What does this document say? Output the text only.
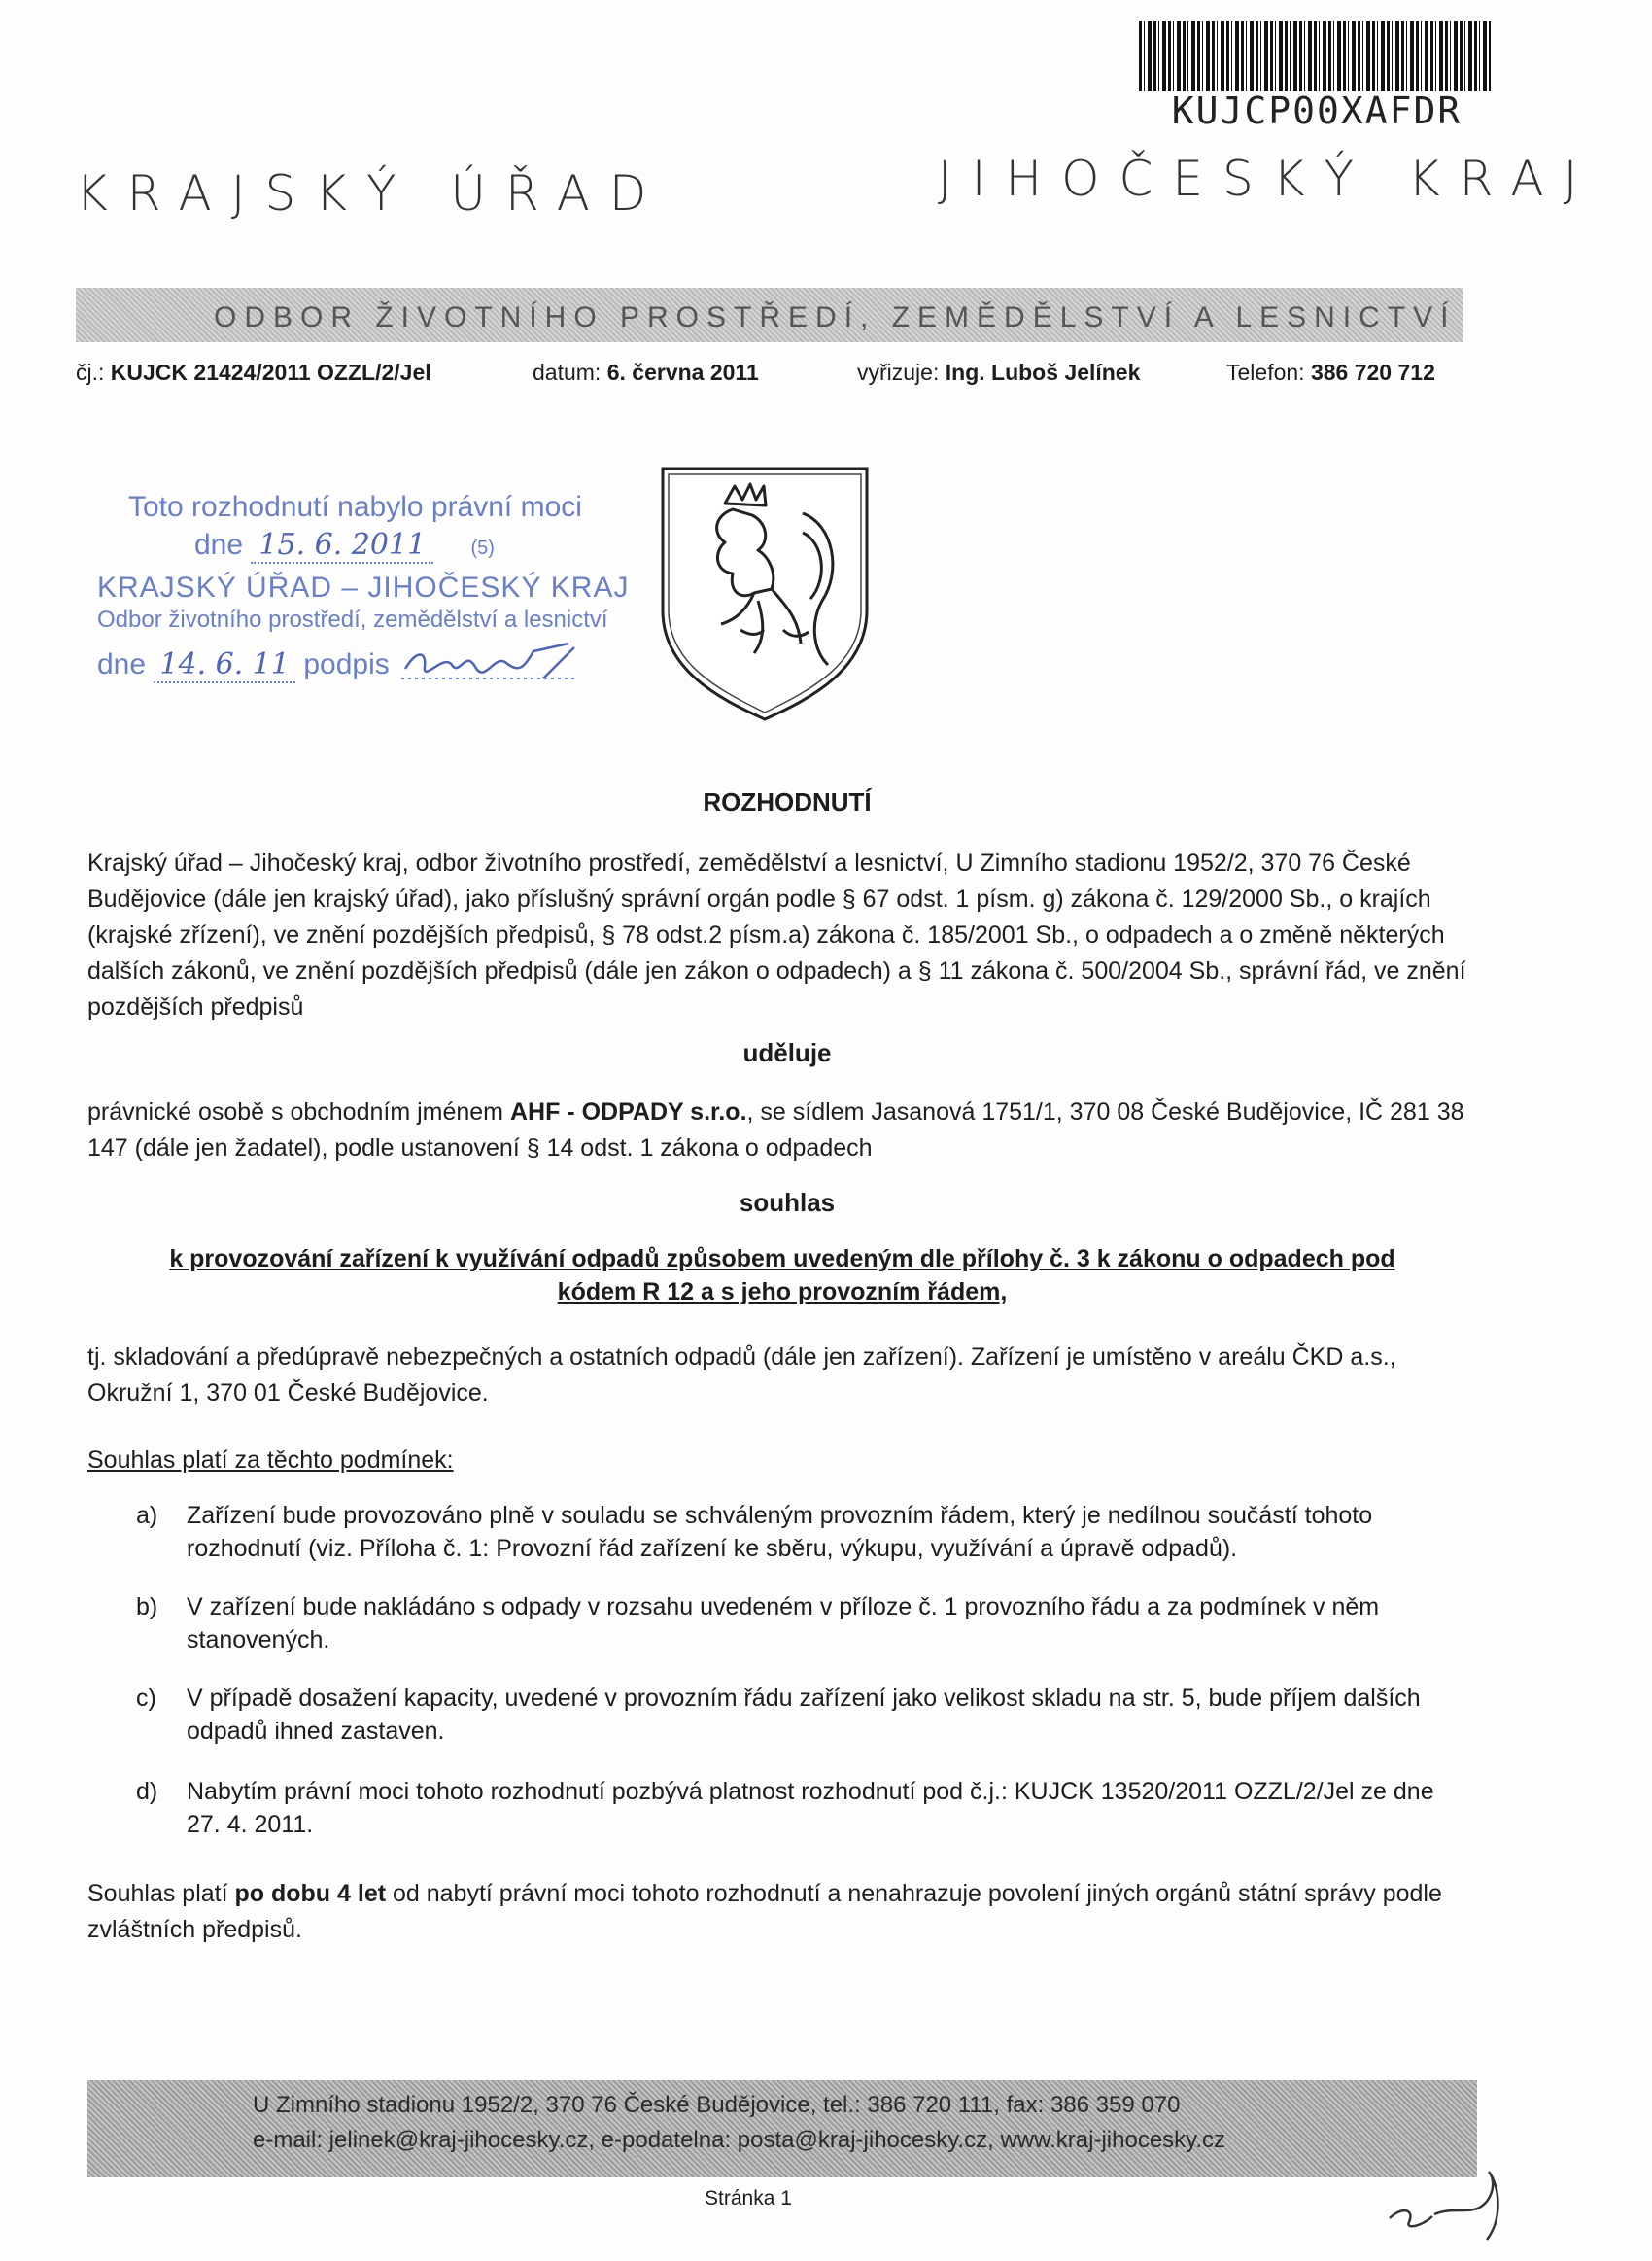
KUJCP00XAFDR
KRAJSKÝ ÚŘAD	JIHOČESKÝ KRAJ
ODBOR ŽIVOTNÍHO PROSTŘEDÍ, ZEMĚDĚLSTVÍ A LESNICTVÍ
čj.: KUJCK 21424/2011 OZZL/2/Jel	datum: 6. června 2011	vyřizuje: Ing. Luboš Jelínek	Telefon: 386 720 712
Toto rozhodnutí nabylo právní moci
dne 15. 6. 2011 (5)
KRAJSKÝ ÚŘAD – JIHOČESKÝ KRAJ
Odbor životního prostředí, zemědělství a lesnictví
dne 14. 6. 11 podpis
ROZHODNUTÍ
Krajský úřad – Jihočeský kraj, odbor životního prostředí, zemědělství a lesnictví, U Zimního stadionu 1952/2, 370 76 České Budějovice (dále jen krajský úřad), jako příslušný správní orgán podle § 67 odst. 1 písm. g) zákona č. 129/2000 Sb., o krajích (krajské zřízení), ve znění pozdějších předpisů, § 78 odst.2 písm.a) zákona č. 185/2001 Sb., o odpadech a o změně některých dalších zákonů, ve znění pozdějších předpisů (dále jen zákon o odpadech) a § 11 zákona č. 500/2004 Sb., správní řád, ve znění pozdějších předpisů
uděluje
právnické osobě s obchodním jménem AHF - ODPADY s.r.o., se sídlem Jasanová 1751/1, 370 08 České Budějovice, IČ 281 38 147 (dále jen žadatel), podle ustanovení § 14 odst. 1 zákona o odpadech
souhlas
k provozování zařízení k využívání odpadů způsobem uvedeným dle přílohy č. 3 k zákonu o odpadech pod
kódem R 12 a s jeho provozním řádem,
tj. skladování a předúpravě nebezpečných a ostatních odpadů (dále jen zařízení). Zařízení je umístěno v areálu ČKD a.s., Okružní 1, 370 01 České Budějovice.
Souhlas platí za těchto podmínek:
a) Zařízení bude provozováno plně v souladu se schváleným provozním řádem, který je nedílnou součástí tohoto rozhodnutí (viz. Příloha č. 1: Provozní řád zařízení ke sběru, výkupu, využívání a úpravě odpadů).
b) V zařízení bude nakládáno s odpady v rozsahu uvedeném v příloze č. 1 provozního řádu a za podmínek v něm stanovených.
c) V případě dosažení kapacity, uvedené v provozním řádu zařízení jako velikost skladu na str. 5, bude příjem dalších odpadů ihned zastaven.
d) Nabytím právní moci tohoto rozhodnutí pozbývá platnost rozhodnutí pod č.j.: KUJCK 13520/2011 OZZL/2/Jel ze dne 27. 4. 2011.
Souhlas platí po dobu 4 let od nabytí právní moci tohoto rozhodnutí a nenahrazuje povolení jiných orgánů státní správy podle zvláštních předpisů.
U Zimního stadionu 1952/2, 370 76 České Budějovice, tel.: 386 720 111, fax: 386 359 070
e-mail: jelinek@kraj-jihocesky.cz, e-podatelna: posta@kraj-jihocesky.cz, www.kraj-jihocesky.cz
Stránka 1
